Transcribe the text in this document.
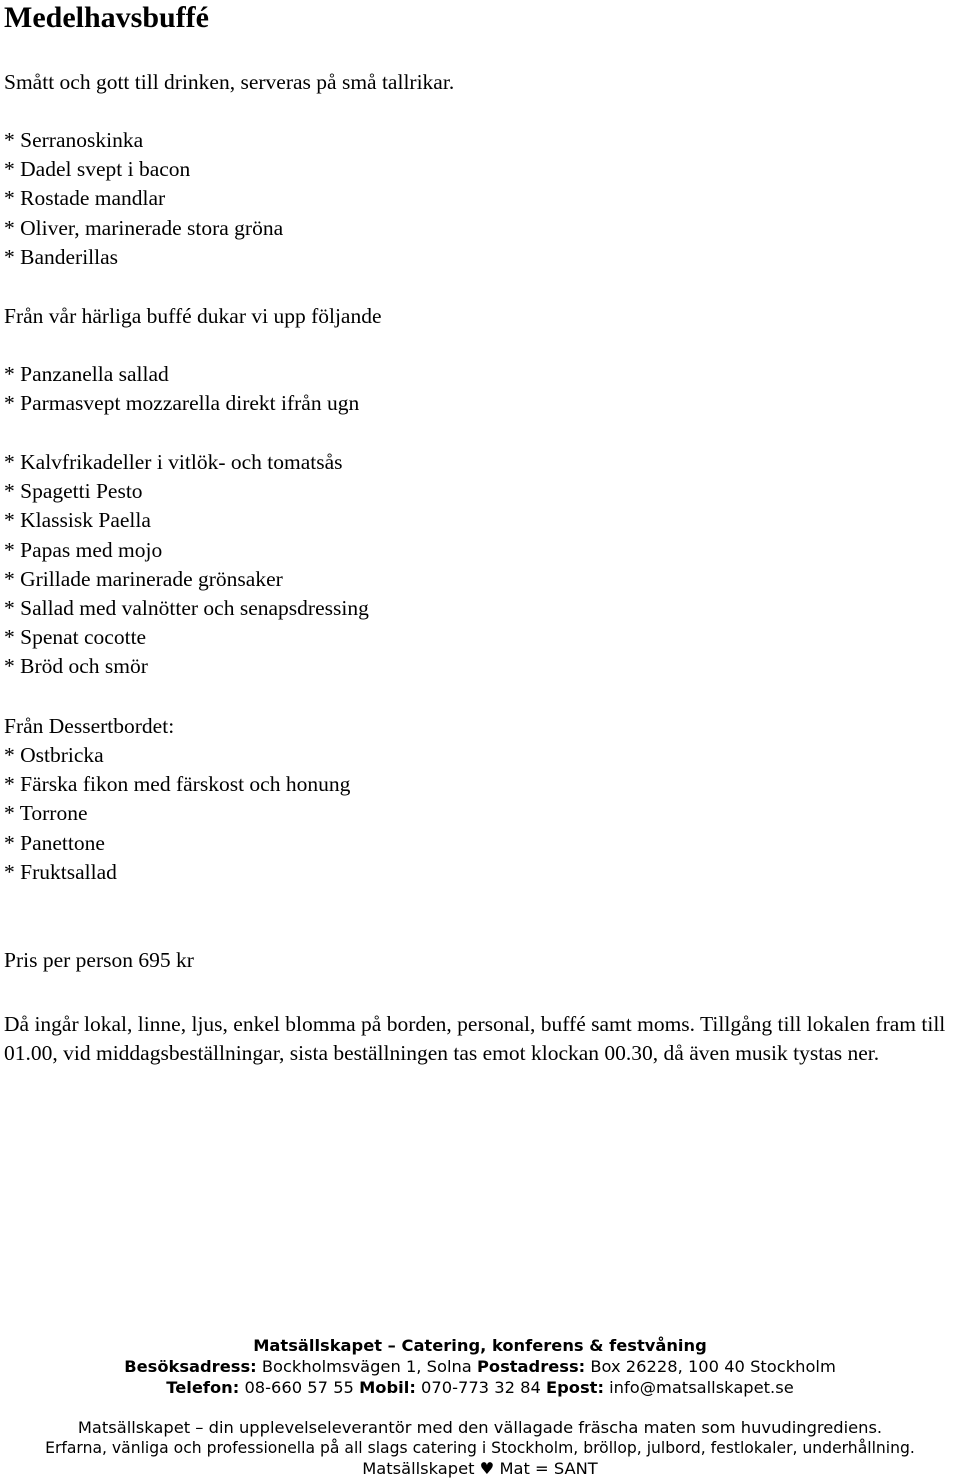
Medelhavsbuffé
Smått och gott till drinken, serveras på små tallrikar.
* Serranoskinka
* Dadel svept i bacon
* Rostade mandlar
* Oliver, marinerade stora gröna
* Banderillas
Från vår härliga buffé dukar vi upp följande
* Panzanella sallad
* Parmasvept mozzarella direkt ifrån ugn
* Kalvfrikadeller i vitlök- och tomatsås
* Spagetti Pesto
* Klassisk Paella
* Papas med mojo
* Grillade marinerade grönsaker
* Sallad med valnötter och senapsdressing
* Spenat cocotte
* Bröd och smör
Från Dessertbordet:
* Ostbricka
* Färska fikon med färskost och honung
* Torrone
* Panettone
* Fruktsallad
Pris per person 695 kr

Då ingår lokal, linne, ljus, enkel blomma på borden, personal, buffé samt moms. Tillgång till lokalen fram till 01.00, vid middagsbeställningar, sista beställningen tas emot klockan 00.30, då även musik tystas ner.

Matsällskapet – Catering, konferens & festvåning
Besöksadress: Bockholmsvägen 1, Solna Postadress: Box 26228, 100 40 Stockholm
Telefon: 08-660 57 55 Mobil: 070-773 32 84 Epost: info@matsallskapet.se
Matsällskapet – din upplevelseleverantör med den vällagade fräscha maten som huvudingrediens.
Erfarna, vänliga och professionella på all slags catering i Stockholm, bröllop, julbord, festlokaler, underhållning.
Matsällskapet ♥ Mat = SANT
